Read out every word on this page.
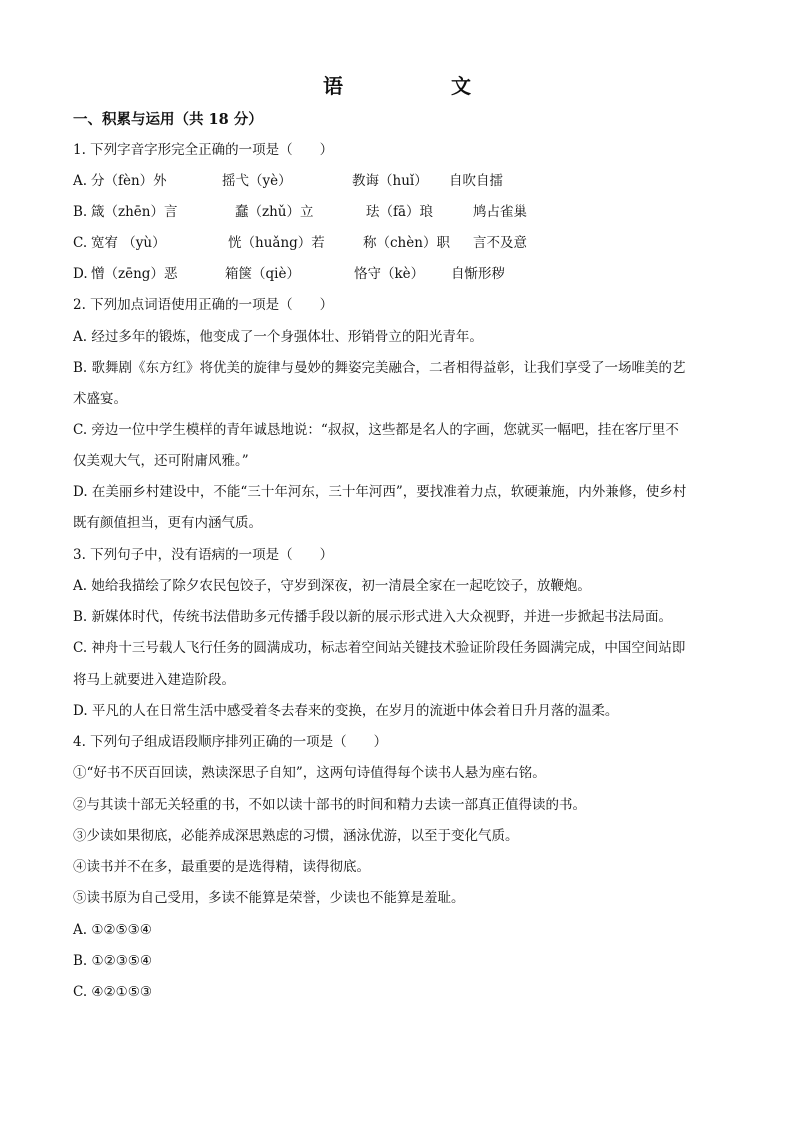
语　文
一、积累与运用（共 18 分）
1. 下列字音字形完全正确的一项是（　　）
A. 分（fèn）外	摇弋（yè）	教诲（huǐ） 自吹自擂
B. 箴（zhēn）言	蠢（zhǔ）立	珐（fā）琅	鸠占雀巢
C. 宽宥 （yù）	恍（huǎng）若	称（chèn）职 言不及意
D. 憎（zēng）恶	箱箧（qiè）	恪守（kè） 自惭形秽
2. 下列加点词语使用正确的一项是（　　）
A. 经过多年的锻炼，他变成了一个身强体壮、形销骨立的阳光青年。
B. 歌舞剧《东方红》将优美的旋律与曼妙的舞姿完美融合，二者相得益彰，让我们享受了一场唯美的艺
术盛宴。
C. 旁边一位中学生模样的青年诚恳地说：“叔叔，这些都是名人的字画，您就买一幅吧，挂在客厅里不
仅美观大气，还可附庸风雅。”
D. 在美丽乡村建设中，不能“三十年河东，三十年河西”，要找准着力点，软硬兼施，内外兼修，使乡村
既有颜值担当，更有内涵气质。
3. 下列句子中，没有语病的一项是（　　）
A. 她给我描绘了除夕农民包饺子，守岁到深夜，初一清晨全家在一起吃饺子，放鞭炮。
B. 新媒体时代，传统书法借助多元传播手段以新的展示形式进入大众视野，并进一步掀起书法局面。
C. 神舟十三号载人飞行任务的圆满成功，标志着空间站关键技术验证阶段任务圆满完成，中国空间站即
将马上就要进入建造阶段。
D. 平凡的人在日常生活中感受着冬去春来的变换，在岁月的流逝中体会着日升月落的温柔。
4. 下列句子组成语段顺序排列正确的一项是（　　）
①“好书不厌百回读，熟读深思子自知”，这两句诗值得每个读书人悬为座右铭。
②与其读十部无关轻重的书，不如以读十部书的时间和精力去读一部真正值得读的书。
③少读如果彻底，必能养成深思熟虑的习惯，涵泳优游，以至于变化气质。
④读书并不在多，最重要的是选得精，读得彻底。
⑤读书原为自己受用，多读不能算是荣誉，少读也不能算是羞耻。
A. ①②⑤③④
B. ①②③⑤④
C. ④②①⑤③
